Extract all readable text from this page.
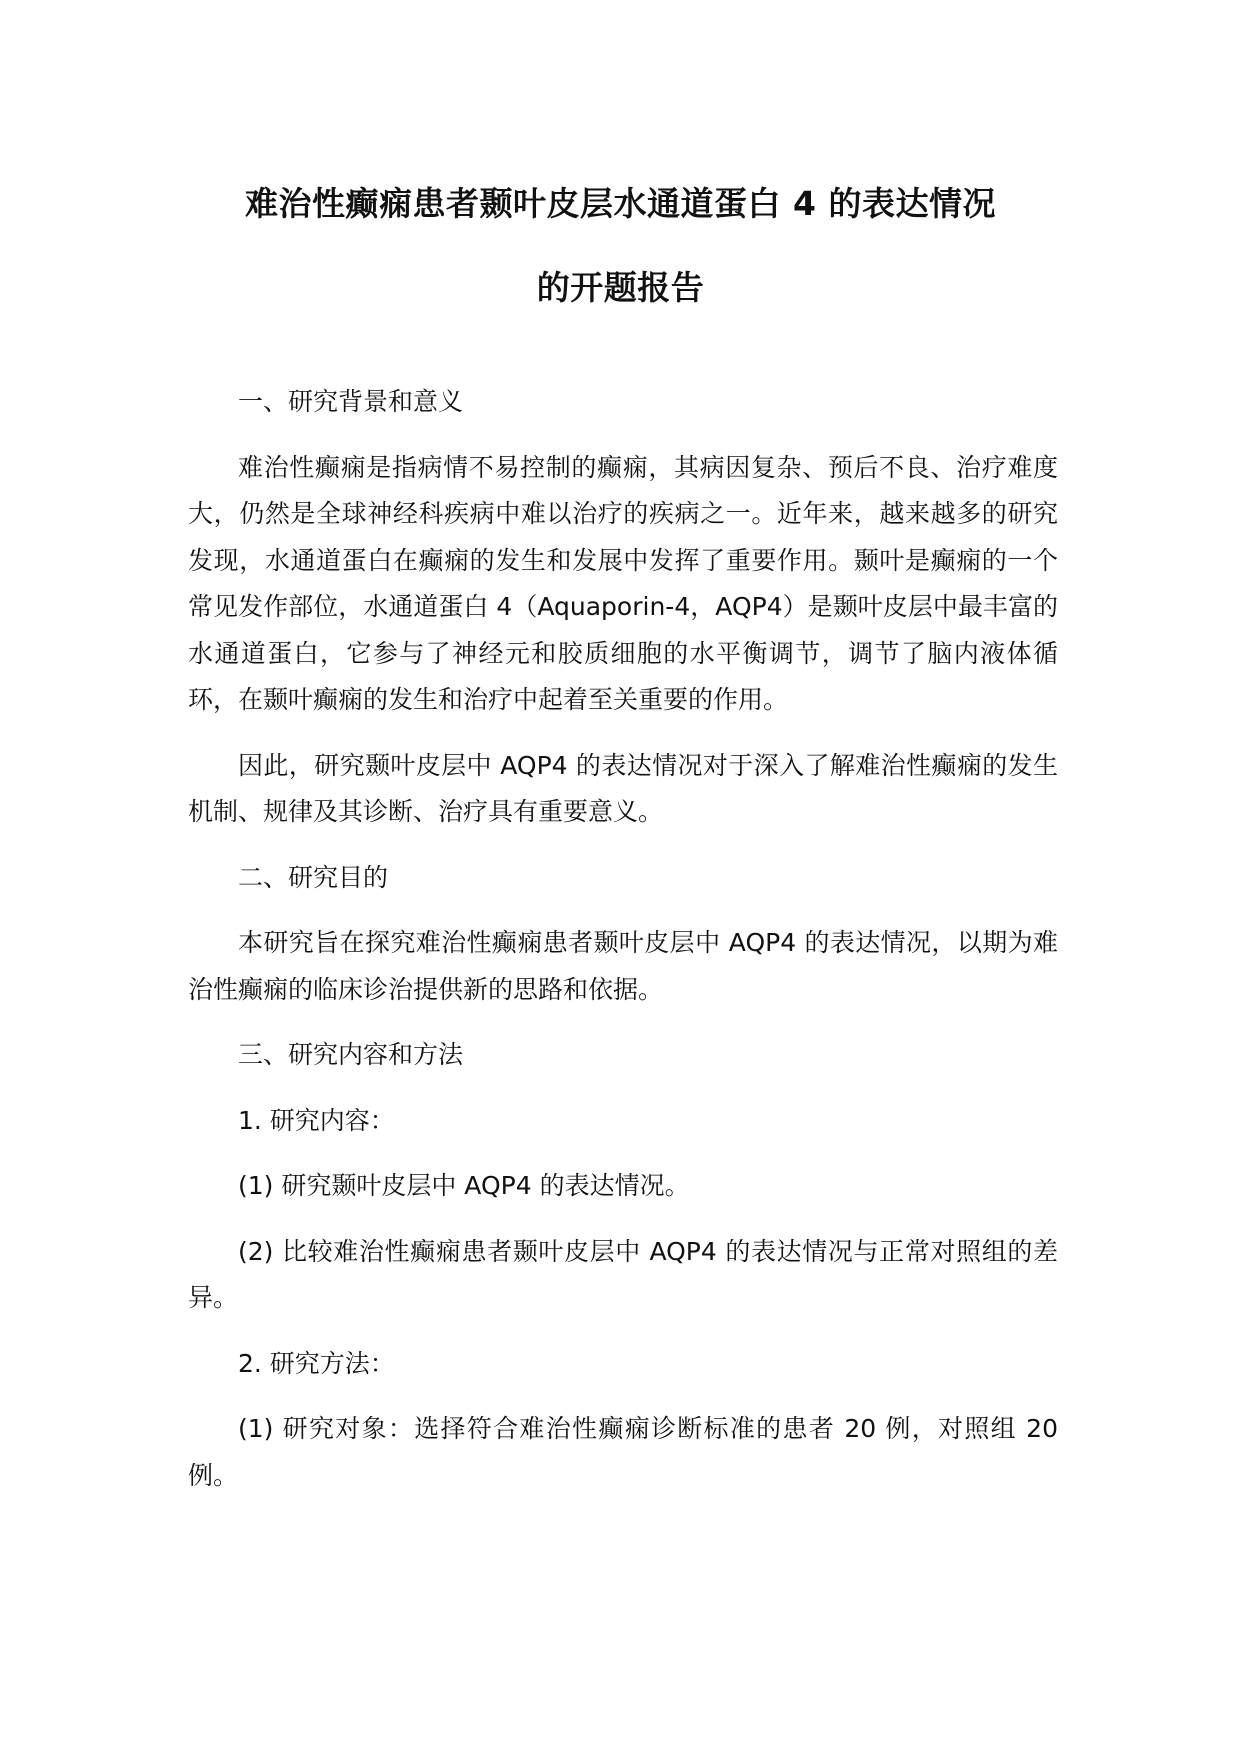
难治性癫痫患者颞叶皮层水通道蛋白 4 的表达情况
的开题报告

一、研究背景和意义

难治性癫痫是指病情不易控制的癫痫，其病因复杂、预后不良、治疗难度大，仍然是全球神经科疾病中难以治疗的疾病之一。近年来，越来越多的研究发现，水通道蛋白在癫痫的发生和发展中发挥了重要作用。颞叶是癫痫的一个常见发作部位，水通道蛋白 4（Aquaporin-4，AQP4）是颞叶皮层中最丰富的水通道蛋白，它参与了神经元和胶质细胞的水平衡调节，调节了脑内液体循环，在颞叶癫痫的发生和治疗中起着至关重要的作用。

因此，研究颞叶皮层中 AQP4 的表达情况对于深入了解难治性癫痫的发生机制、规律及其诊断、治疗具有重要意义。

二、研究目的

本研究旨在探究难治性癫痫患者颞叶皮层中 AQP4 的表达情况，以期为难治性癫痫的临床诊治提供新的思路和依据。

三、研究内容和方法

1. 研究内容：

(1) 研究颞叶皮层中 AQP4 的表达情况。

(2) 比较难治性癫痫患者颞叶皮层中 AQP4 的表达情况与正常对照组的差异。

2. 研究方法：

(1) 研究对象：选择符合难治性癫痫诊断标准的患者 20 例，对照组 20 例。
